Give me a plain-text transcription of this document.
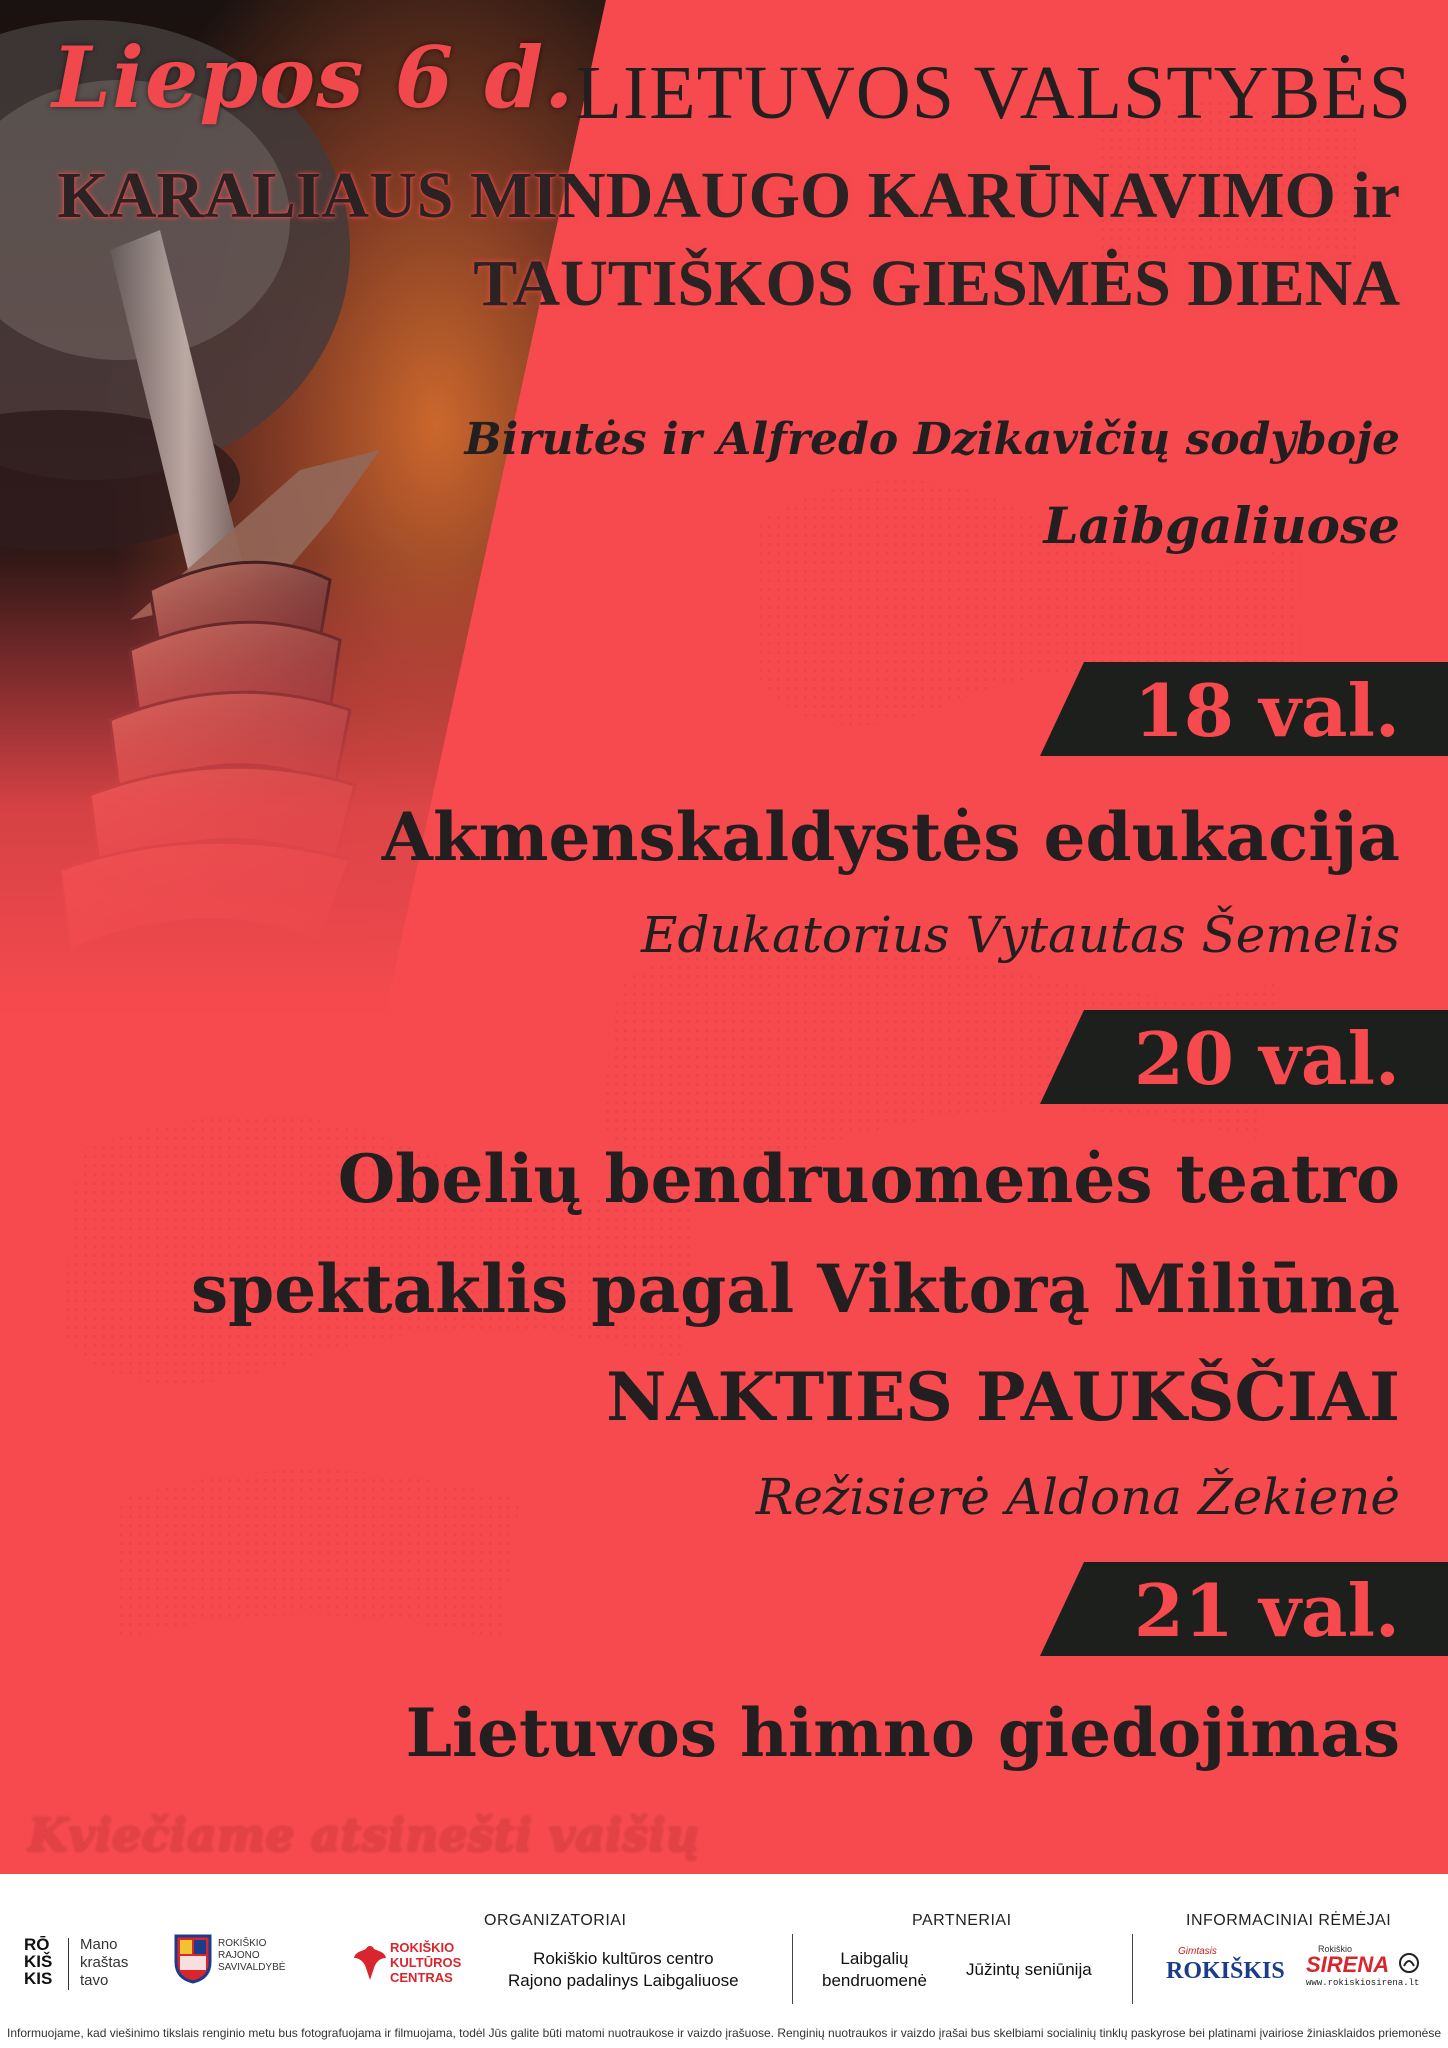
Liepos 6 d. LIETUVOS VALSTYBĖS

KARALIAUS MINDAUGO KARŪNAVIMO ir

TAUTIŠKOS GIESMĖS DIENA

Birutės ir Alfredo Dzikavičių sodyboje

Laibgaliuose

18 val.

Akmenskaldystės edukacija

Edukatorius Vytautas Šemelis

20 val.

Obelių bendruomenės teatro

spektaklis pagal Viktorą Miliūną

NAKTIES PAUKŠČIAI

Režisierė Aldona Žekienė

21 val.

Lietuvos himno giedojimas

Kviečiame atsinešti vaišių

RŌ
KIŠ
KIS
Mano
kraštas
tavo
ROKIŠKIO
RAJONO
SAVIVALDYBĖ
ORGANIZATORIAI
ROKIŠKIO
KULTŪROS
CENTRAS
Rokiškio kultūros centro
Rajono padalinys Laibgaliuose
PARTNERIAI
Laibgalių
bendruomenė
Jūžintų seniūnija
INFORMACINIAI RĖMĖJAI
Gimtasis
ROKIŠKIS
Rokiškio
SIRENA
www.rokiskiosirena.lt
Informuojame, kad viešinimo tikslais renginio metu bus fotografuojama ir filmuojama, todėl Jūs galite būti matomi nuotraukose ir vaizdo įrašuose. Renginių nuotraukos ir vaizdo įrašai bus skelbiami socialinių tinklų paskyrose bei platinami įvairiose žiniasklaidos priemonėse
